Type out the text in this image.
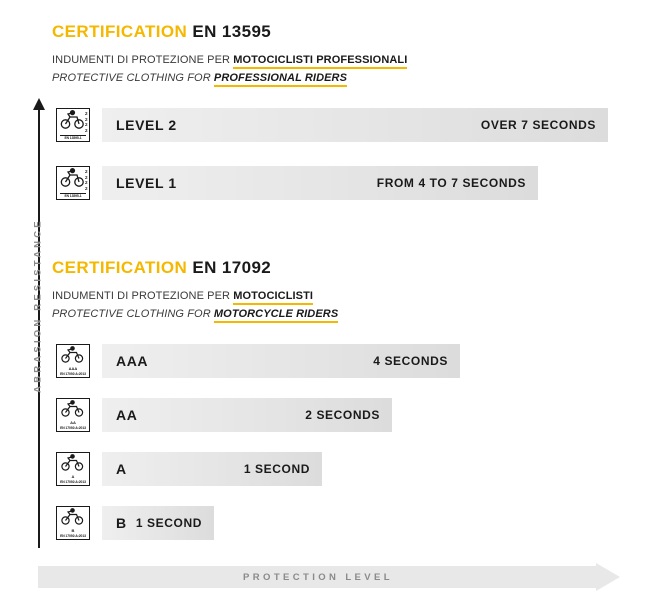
ABRASION RESISTANCE
CERTIFICATION EN 13595
INDUMENTI DI PROTEZIONE PER MOTOCICLISTI PROFESSIONALI
PROTECTIVE CLOTHING FOR PROFESSIONAL RIDERS
2
2
2
2
EN 13595-1
LEVEL 2	OVER 7 SECONDS
2
2
2
2
EN 13595-1
LEVEL 1	FROM 4 TO 7 SECONDS
CERTIFICATION EN 17092
INDUMENTI DI PROTEZIONE PER MOTOCICLISTI
PROTECTIVE CLOTHING FOR MOTORCYCLE RIDERS
AAA
EN 17092:A:2013
AAA	4 SECONDS
AA
EN 17092:A:2013
AA	2 SECONDS
A
EN 17092:A:2013
A	1 SECOND
B
EN 17092:A:2013
B 1 SECOND
PROTECTION LEVEL
